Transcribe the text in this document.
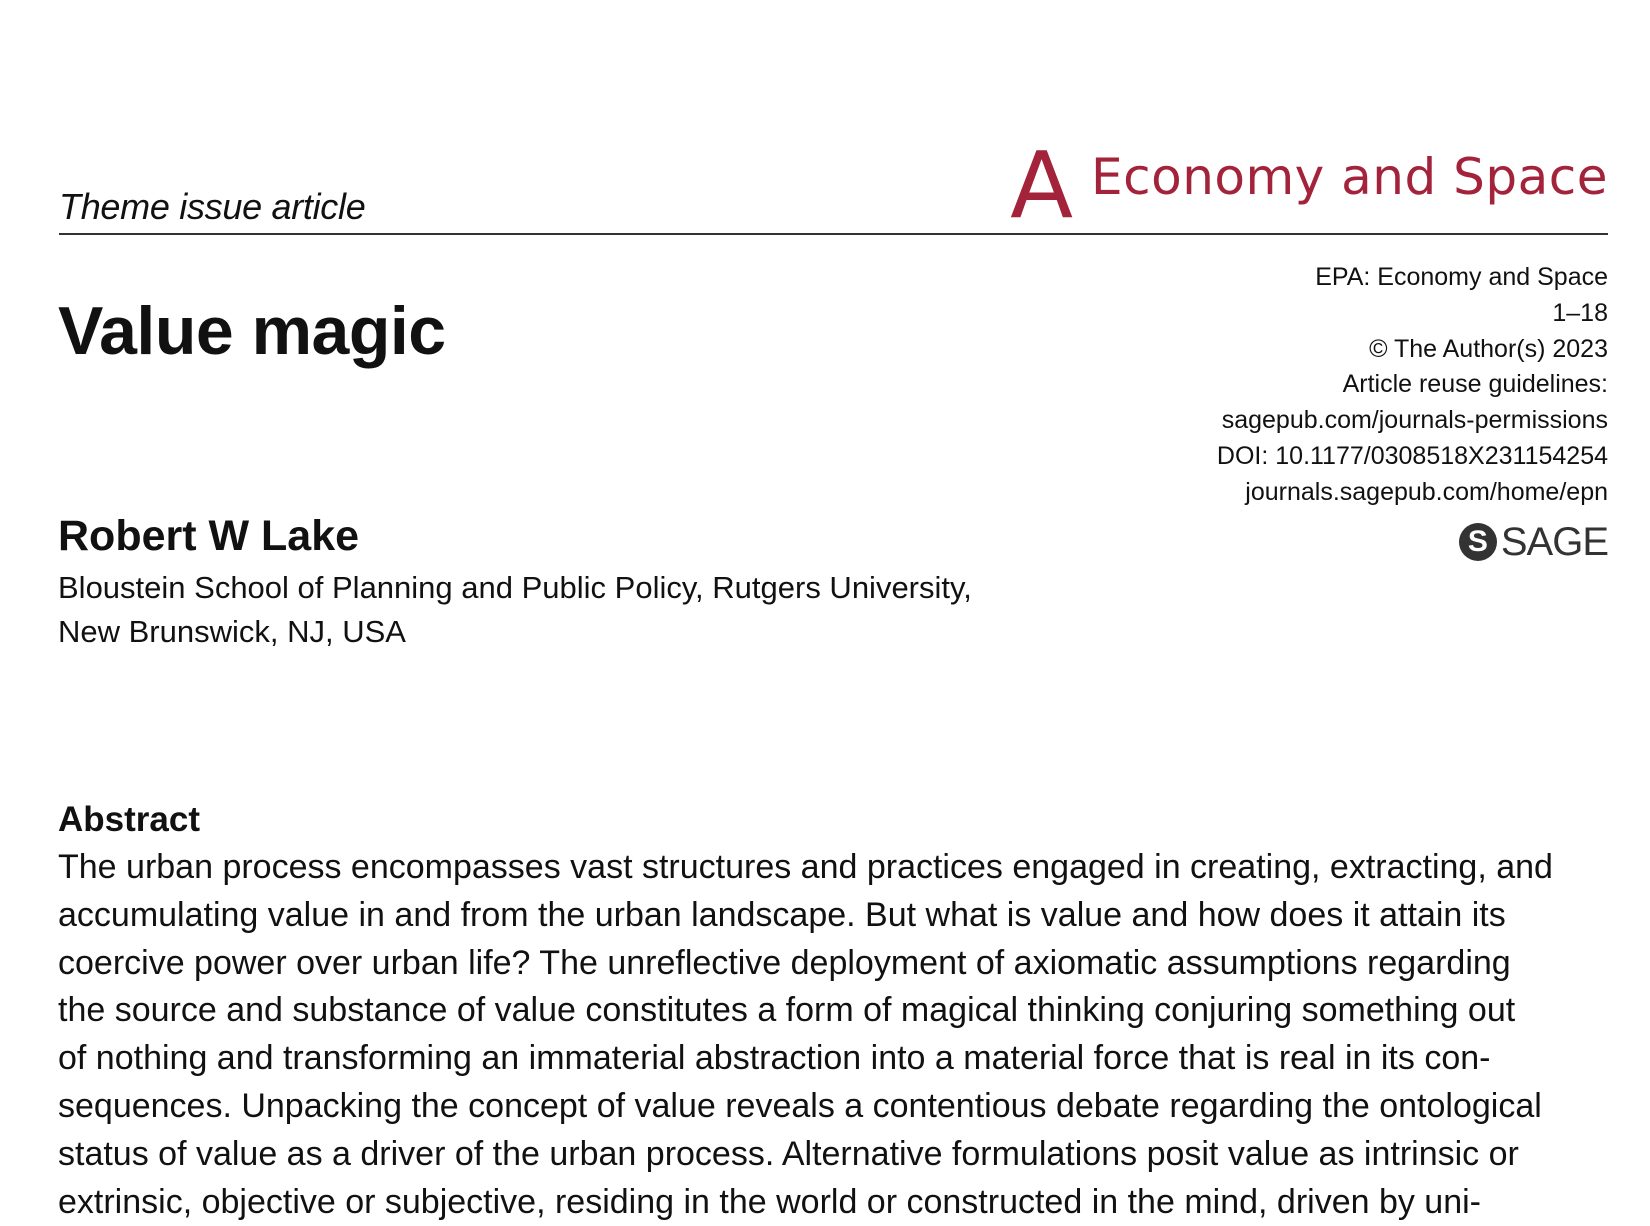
Theme issue article	A Economy and Space
Value magic
EPA: Economy and Space
1–18
© The Author(s) 2023
Article reuse guidelines:
sagepub.com/journals-permissions
DOI: 10.1177/0308518X231154254
journals.sagepub.com/home/epn
S SAGE
Robert W Lake
Bloustein School of Planning and Public Policy, Rutgers University,
New Brunswick, NJ, USA
Abstract
The urban process encompasses vast structures and practices engaged in creating, extracting, and
accumulating value in and from the urban landscape. But what is value and how does it attain its
coercive power over urban life? The unreflective deployment of axiomatic assumptions regarding
the source and substance of value constitutes a form of magical thinking conjuring something out
of nothing and transforming an immaterial abstraction into a material force that is real in its con-
sequences. Unpacking the concept of value reveals a contentious debate regarding the ontological
status of value as a driver of the urban process. Alternative formulations posit value as intrinsic or
extrinsic, objective or subjective, residing in the world or constructed in the mind, driven by uni-
